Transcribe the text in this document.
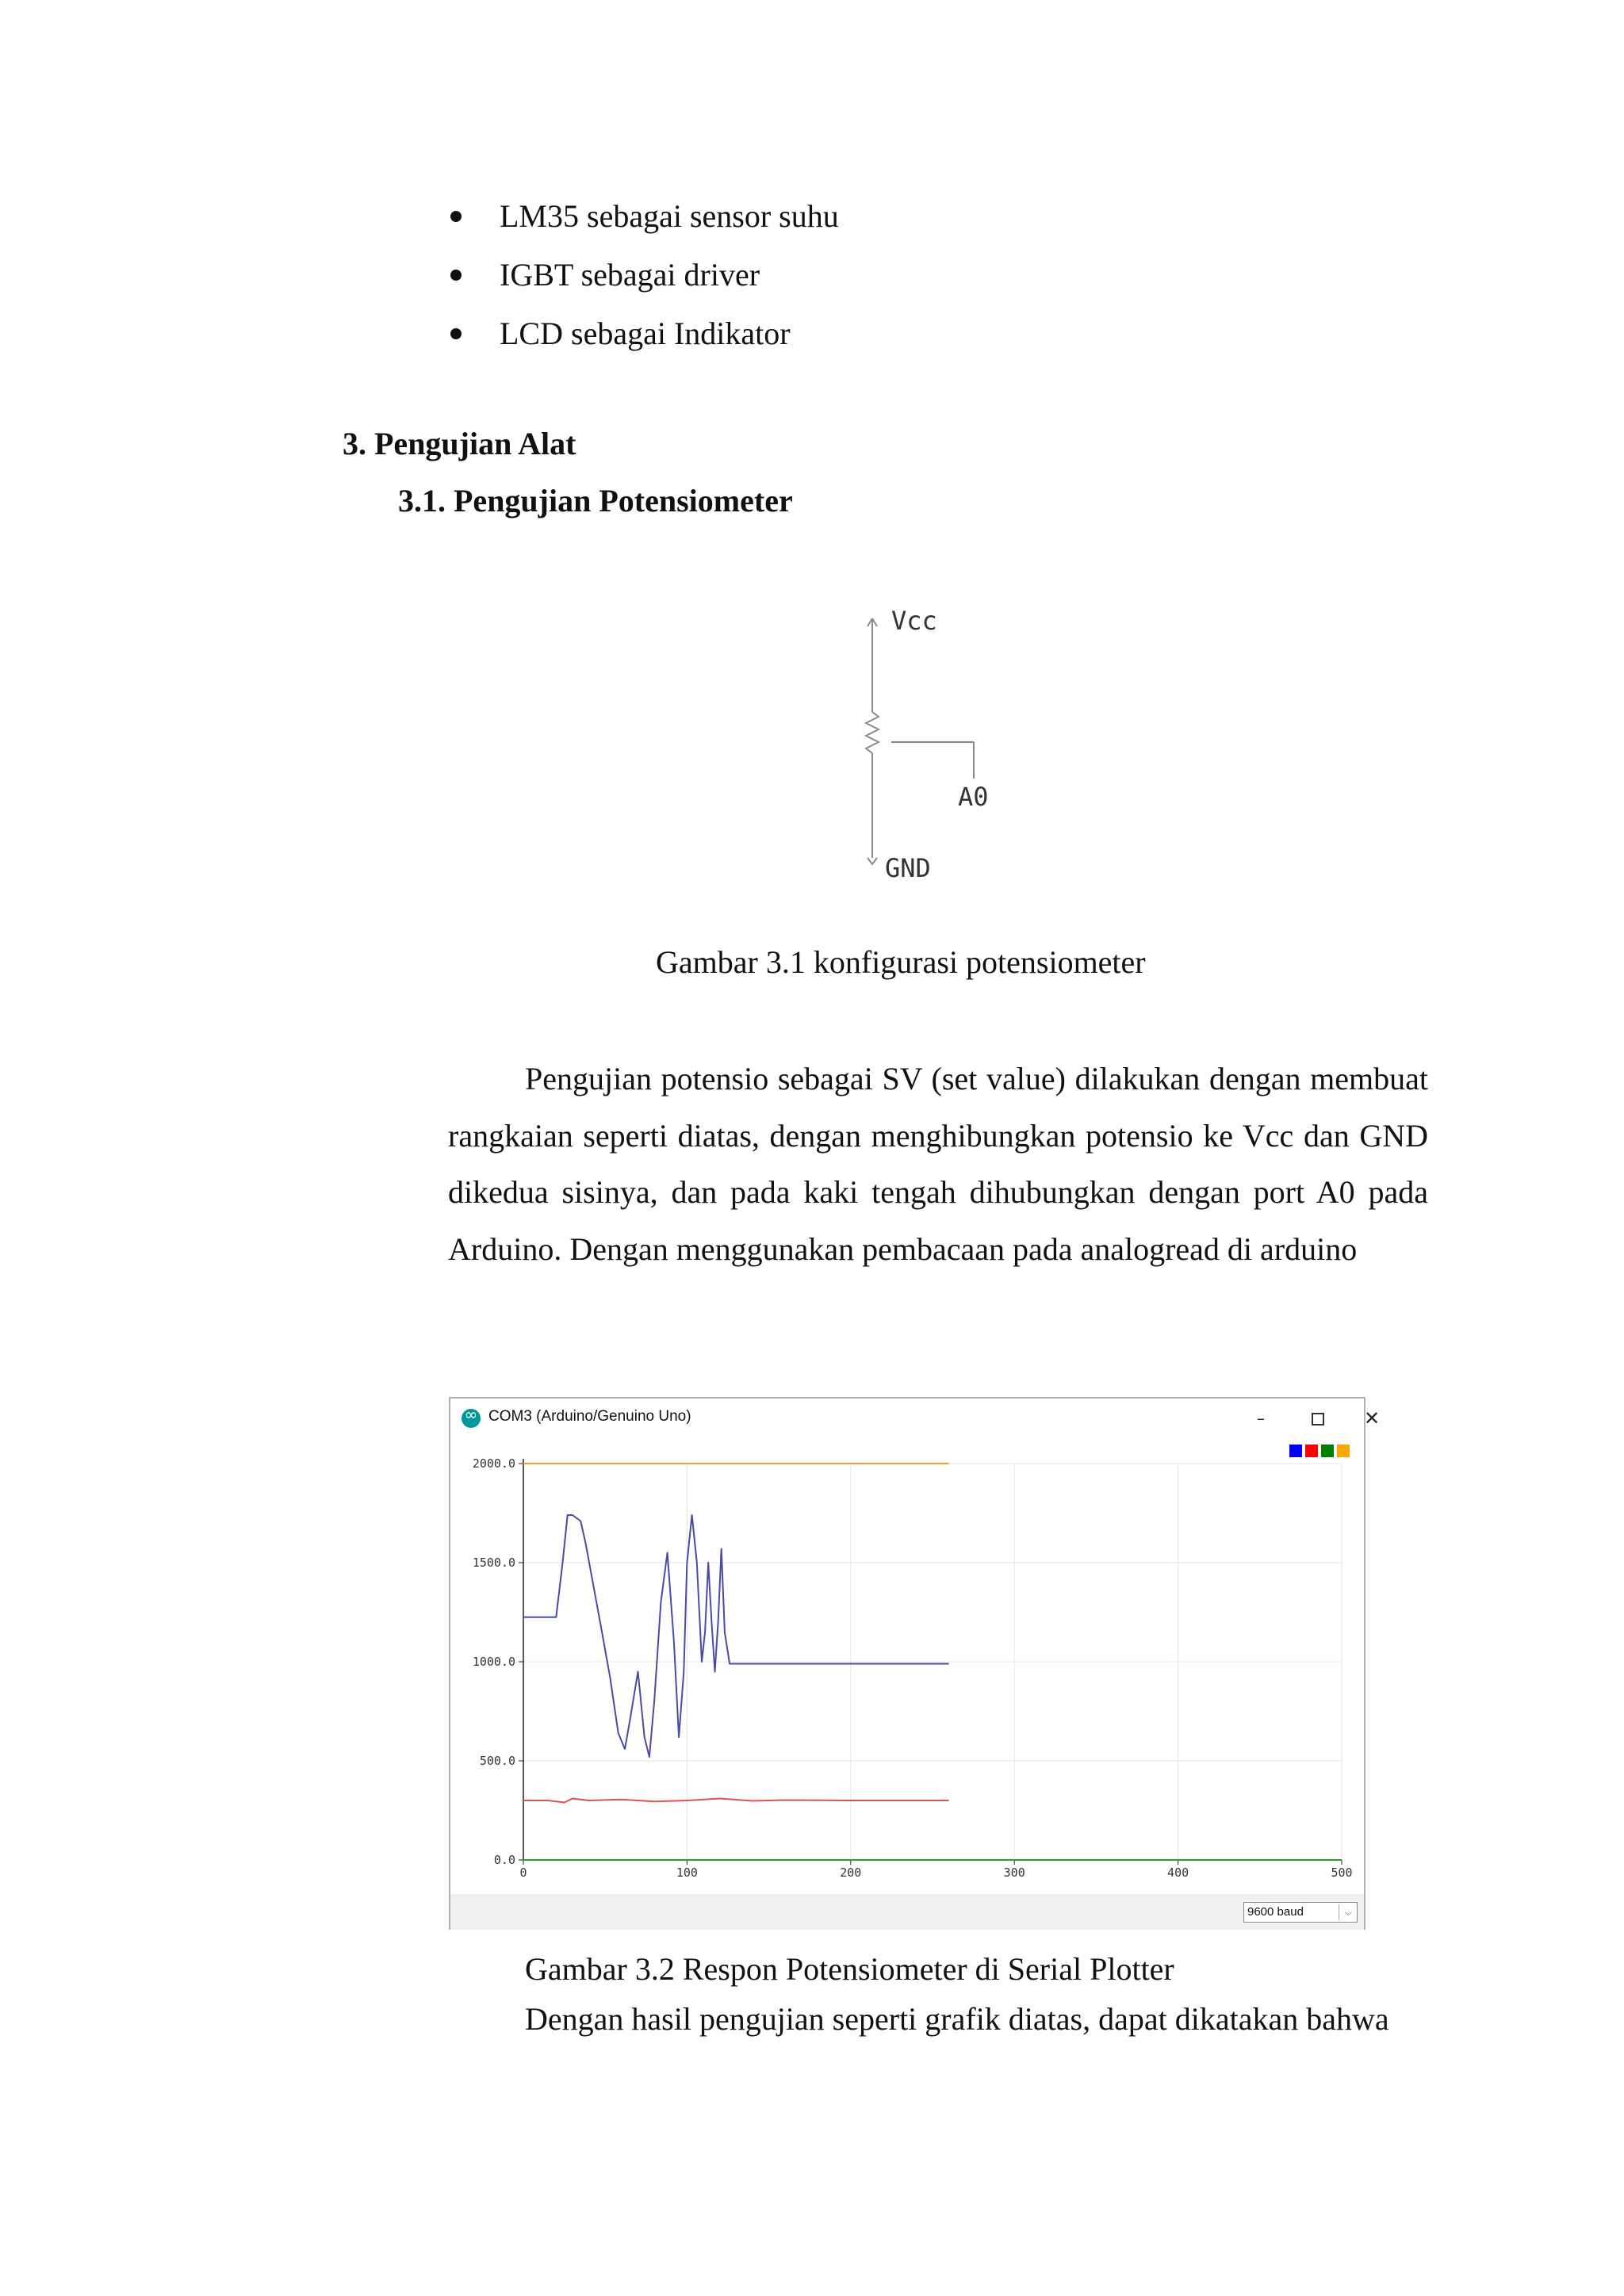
LM35 sebagai sensor suhu
IGBT sebagai driver
LCD sebagai Indikator
3. Pengujian Alat
3.1. Pengujian Potensiometer
Vcc
A0
GND
Gambar 3.1 konfigurasi potensiometer
Pengujian potensio sebagai SV (set value) dilakukan dengan membuat rangkaian seperti diatas, dengan menghibungkan potensio ke Vcc dan GND dikedua sisinya, dan pada kaki tengah dihubungkan dengan port A0 pada Arduino. Dengan menggunakan pembacaan pada analogread di arduino
∞
COM3 (Arduino/Genuino Uno)	–	✕
0.0
500.0
1000.0
1500.0
2000.0
0	100	200	300	400	500
9600 baud	⌵
Gambar 3.2 Respon Potensiometer di Serial Plotter
Dengan hasil pengujian seperti grafik diatas, dapat dikatakan bahwa
